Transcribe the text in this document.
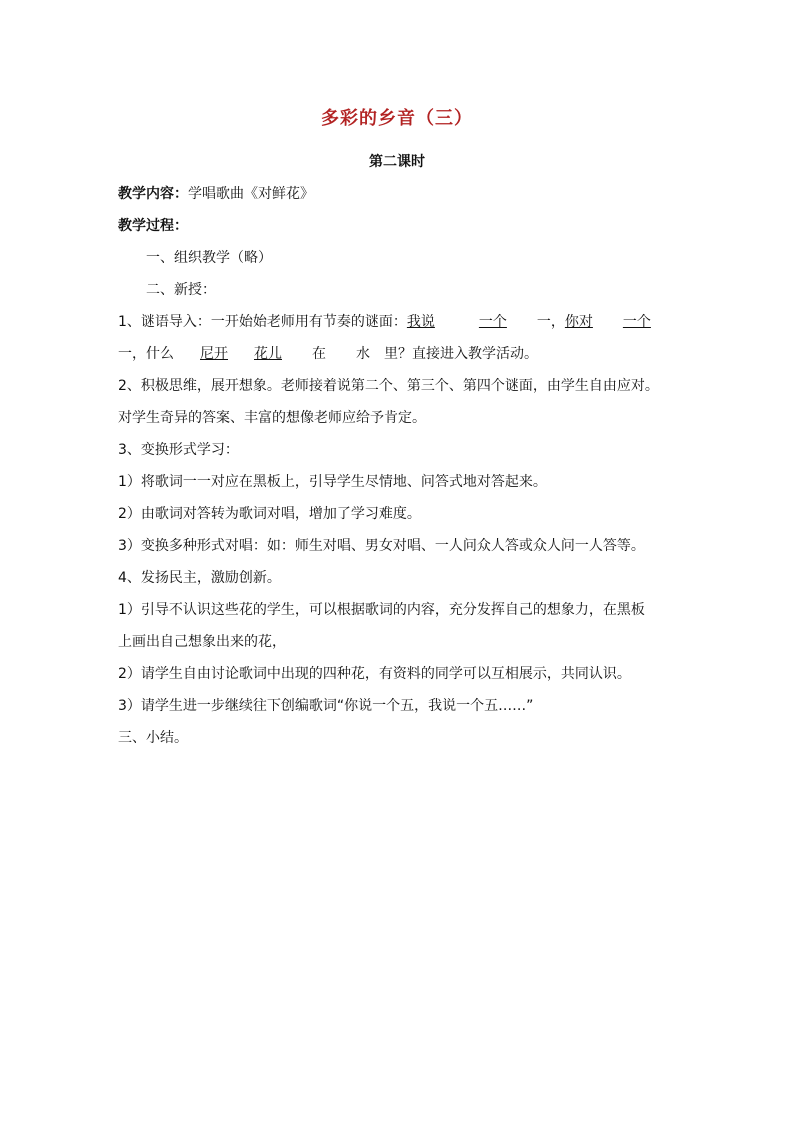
多彩的乡音（三）
第二课时
教学内容：学唱歌曲《对鲜花》
教学过程：
一、组织教学（略）
二、新授：
1、谜语导入：一开始始老师用有节奏的谜面：我说	一个 一，你对 一个
一，什么 尼开 花儿 在 水 里？直接进入教学活动。
2、积极思维，展开想象。老师接着说第二个、第三个、第四个谜面，由学生自由应对。
对学生奇异的答案、丰富的想像老师应给予肯定。
3、变换形式学习：
1）将歌词一一对应在黑板上，引导学生尽情地、问答式地对答起来。
2）由歌词对答转为歌词对唱，增加了学习难度。
3）变换多种形式对唱：如：师生对唱、男女对唱、一人问众人答或众人问一人答等。
4、发扬民主，激励创新。
1）引导不认识这些花的学生，可以根据歌词的内容，充分发挥自己的想象力，在黑板
上画出自己想象出来的花，
2）请学生自由讨论歌词中出现的四种花，有资料的同学可以互相展示，共同认识。
3）请学生进一步继续往下创编歌词“你说一个五，我说一个五……”
三、小结。
